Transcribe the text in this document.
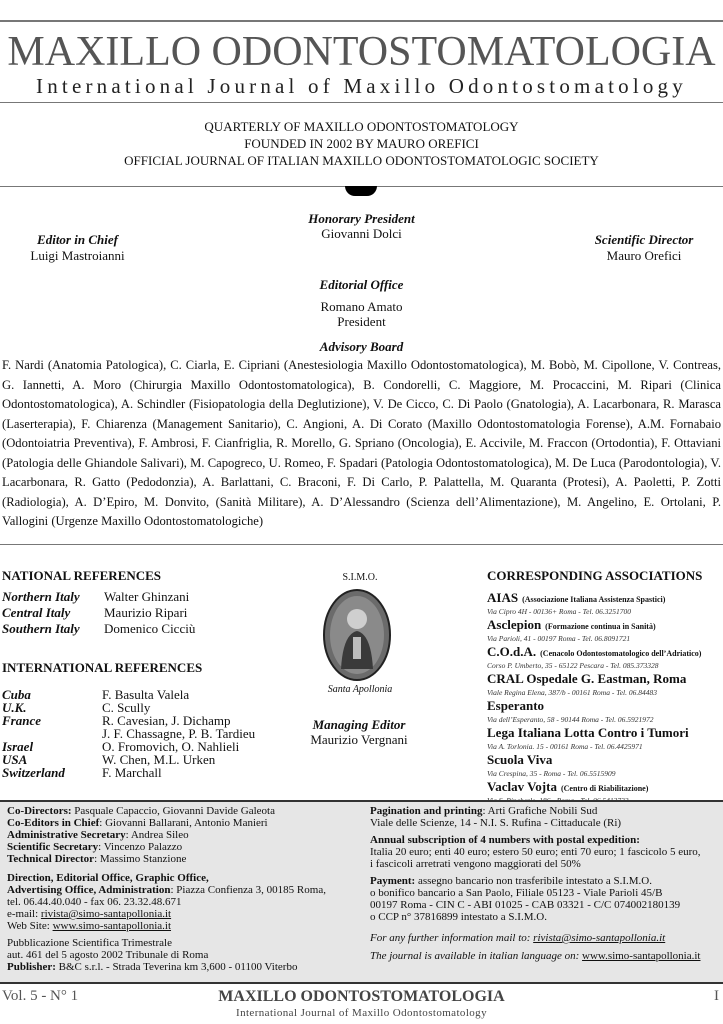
MAXILLO ODONTOSTOMATOLOGIA
International Journal of Maxillo Odontostomatology
QUARTERLY OF MAXILLO ODONTOSTOMATOLOGY
FOUNDED IN 2002 BY MAURO OREFICI
OFFICIAL JOURNAL OF ITALIAN MAXILLO ODONTOSTOMATOLOGIC SOCIETY
Honorary President
Giovanni Dolci
Editor in Chief
Luigi Mastroianni
Scientific Director
Mauro Orefici
Editorial Office
Romano Amato
President
Advisory Board
F. Nardi (Anatomia Patologica), C. Ciarla, E. Cipriani (Anestesiologia Maxillo Odontostomatologica), M. Bobò, M. Cipollone, V. Contreas, G. Iannetti, A. Moro (Chirurgia Maxillo Odontostomatologica), B. Condorelli, C. Maggiore, M. Procaccini, M. Ripari (Clinica Odontostomatologica), A. Schindler (Fisiopatologia della Deglutizione), V. De Cicco, C. Di Paolo (Gnatologia), A. Lacarbonara, R. Marasca (Laserterapia), F. Chiarenza (Management Sanitario), C. Angioni, A. Di Corato (Maxillo Odontostomatologia Forense), A.M. Fornabaio (Odontoiatria Preventiva), F. Ambrosi, F. Cianfriglia, R. Morello, G. Spriano (Oncologia), E. Accivile, M. Fraccon (Ortodontia), F. Ottaviani (Patologia delle Ghiandole Salivari), M. Capogreco, U. Romeo, F. Spadari (Patologia Odontostomatologica), M. De Luca (Parodontologia), V. Lacarbonara, R. Gatto (Pedodonzia), A. Barlattani, C. Braconi, F. Di Carlo, P. Palattella, M. Quaranta (Protesi), A. Paoletti, P. Zotti (Radiologia), A. D’Epiro, M. Donvito, (Sanità Militare), A. D’Alessandro (Scienza dell’Alimentazione), M. Angelino, E. Ortolani, P. Vallogini (Urgenze Maxillo Odontostomatologiche)
NATIONAL REFERENCES
Northern Italy Walter Ghinzani
Central Italy	Maurizio Ripari
Southern Italy Domenico Cicciù
INTERNATIONAL REFERENCES
Cuba	F. Basulta Valela
U.K.	C. Scully
France	R. Cavesian, J. Dichamp
J. F. Chassagne, P. B. Tardieu
Israel	O. Fromovich, O. Nahlieli
USA	W. Chen, M.L. Urken
Switzerland	F. Marchall
S.I.M.O.
Santa Apollonia
Managing Editor
Maurizio Vergnani
CORRESPONDING ASSOCIATIONS
AIAS (Associazione Italiana Assistenza Spastici)
Via Cipro 4H - 00136+ Roma - Tel. 06.3251700
Asclepion (Formazione continua in Sanità)
Via Parioli, 41 - 00197 Roma - Tel. 06.8091721
C.O.d.A. (Cenacolo Odontostomatologico dell’Adriatico)
Corso P. Umberto, 35 - 65122 Pescara - Tel. 085.373328
CRAL Ospedale G. Eastman, Roma
Viale Regina Elena, 387/b - 00161 Roma - Tel. 06.84483
Esperanto
Via dell’Esperanto, 58 - 90144 Roma - Tel. 06.5921972
Lega Italiana Lotta Contro i Tumori
Via A. Torlonia. 15 - 00161 Roma - Tel. 06.4425971
Scuola Viva
Via Crespina, 35 - Roma - Tel. 06.5515909
Vaclav Vojta (Centro di Riabilitazione)

Co-Directors: Pasquale Capaccio, Giovanni Davide Galeota

Co-Editors in Chief: Giovanni Ballarani, Antonio Manieri

Administrative Secretary: Andrea Sileo

Scientific Secretary: Vincenzo Palazzo

Technical Director: Massimo Stanzione

Direction, Editorial Office, Graphic Office,

Advertising Office, Administration: Piazza Confienza 3, 00185 Roma,

tel. 06.44.40.040 - fax 06. 23.32.48.671

e-mail: rivista@simo-santapollonia.it

Web Site: www.simo-santapollonia.it

Pubblicazione Scientifica Trimestrale

aut. 461 del 5 agosto 2002 Tribunale di Roma

Publisher: B&C s.r.l. - Strada Teverina km 3,600 - 01100 Viterbo

Pagination and printing: Arti Grafiche Nobili Sud

Viale delle Scienze, 14 - N.I. S. Rufina - Cittaducale (Ri)

Annual subscription of 4 numbers with postal expedition:

Italia 20 euro; enti 40 euro; estero 50 euro; enti 70 euro; 1 fascicolo 5 euro,

i fascicoli arretrati vengono maggiorati del 50%

Payment: assegno bancario non trasferibile intestato a S.I.M.O.

o bonifico bancario a San Paolo, Filiale 05123 - Viale Parioli 45/B

00197 Roma - CIN C - ABI 01025 - CAB 03321 - C/C 074002180139

o CCP n° 37816899 intestato a S.I.M.O.

For any further information mail to: rivista@simo-santapollonia.it

The journal is available in italian language on: www.simo-santapollonia.it

Vol. 5 - N° 1	MAXILLO ODONTOSTOMATOLOGIA
International Journal of Maxillo Odontostomatology
I
